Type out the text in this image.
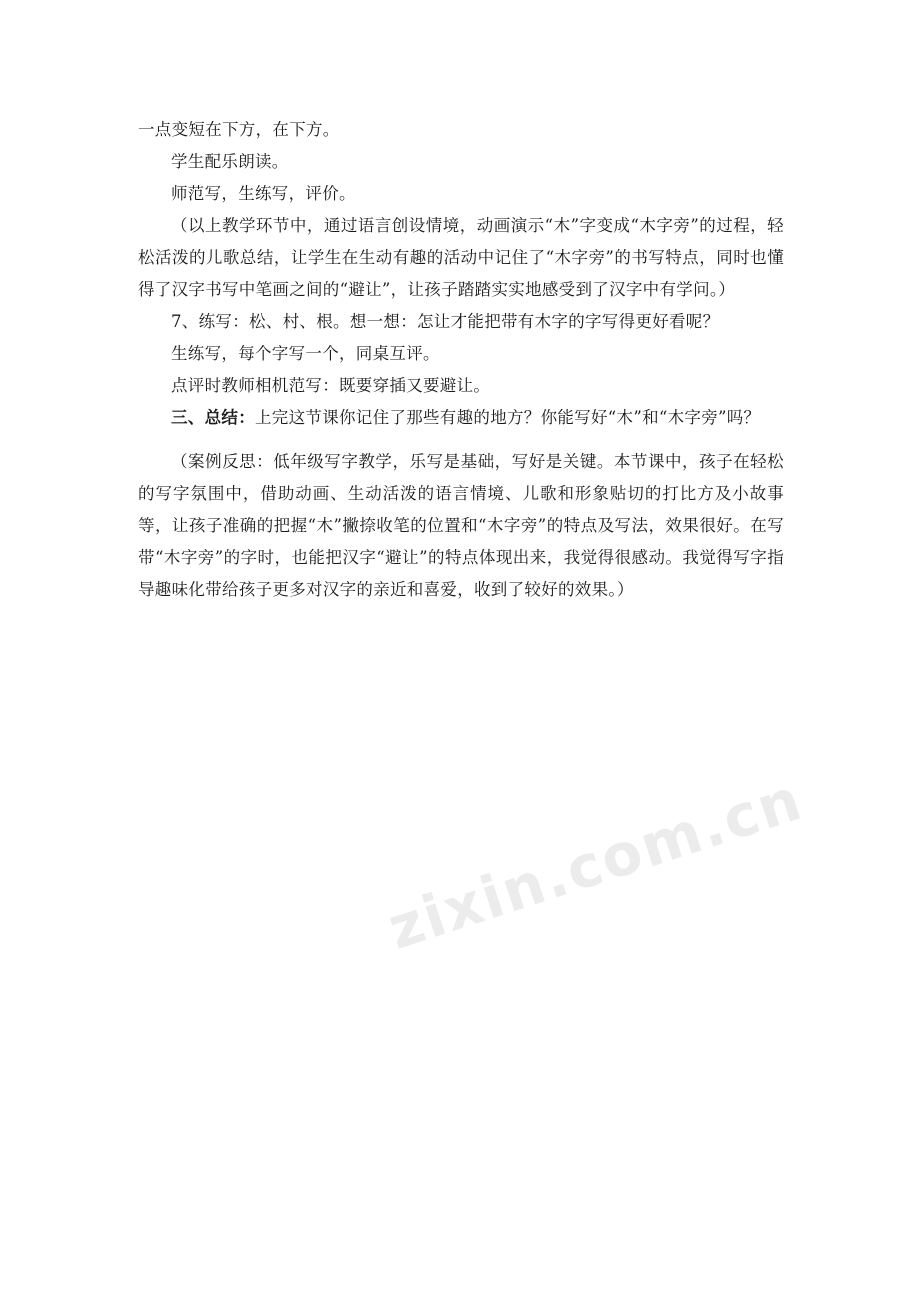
一点变短在下方，在下方。

学生配乐朗读。

师范写，生练写，评价。

（以上教学环节中，通过语言创设情境，动画演示“木”字变成“木字旁”的过程，轻松活泼的儿歌总结，让学生在生动有趣的活动中记住了“木字旁”的书写特点，同时也懂得了汉字书写中笔画之间的“避让”，让孩子踏踏实实地感受到了汉字中有学问。）

7、练写：松、村、根。想一想：怎让才能把带有木字的字写得更好看呢？

生练写，每个字写一个，同桌互评。

点评时教师相机范写：既要穿插又要避让。

三、总结：上完这节课你记住了那些有趣的地方？你能写好“木”和“木字旁”吗？

（案例反思：低年级写字教学，乐写是基础，写好是关键。本节课中，孩子在轻松的写字氛围中，借助动画、生动活泼的语言情境、儿歌和形象贴切的打比方及小故事等，让孩子准确的把握“木”撇捺收笔的位置和“木字旁”的特点及写法，效果很好。在写带“木字旁”的字时，也能把汉字“避让”的特点体现出来，我觉得很感动。我觉得写字指导趣味化带给孩子更多对汉字的亲近和喜爱，收到了较好的效果。）

zixin.com.cn
